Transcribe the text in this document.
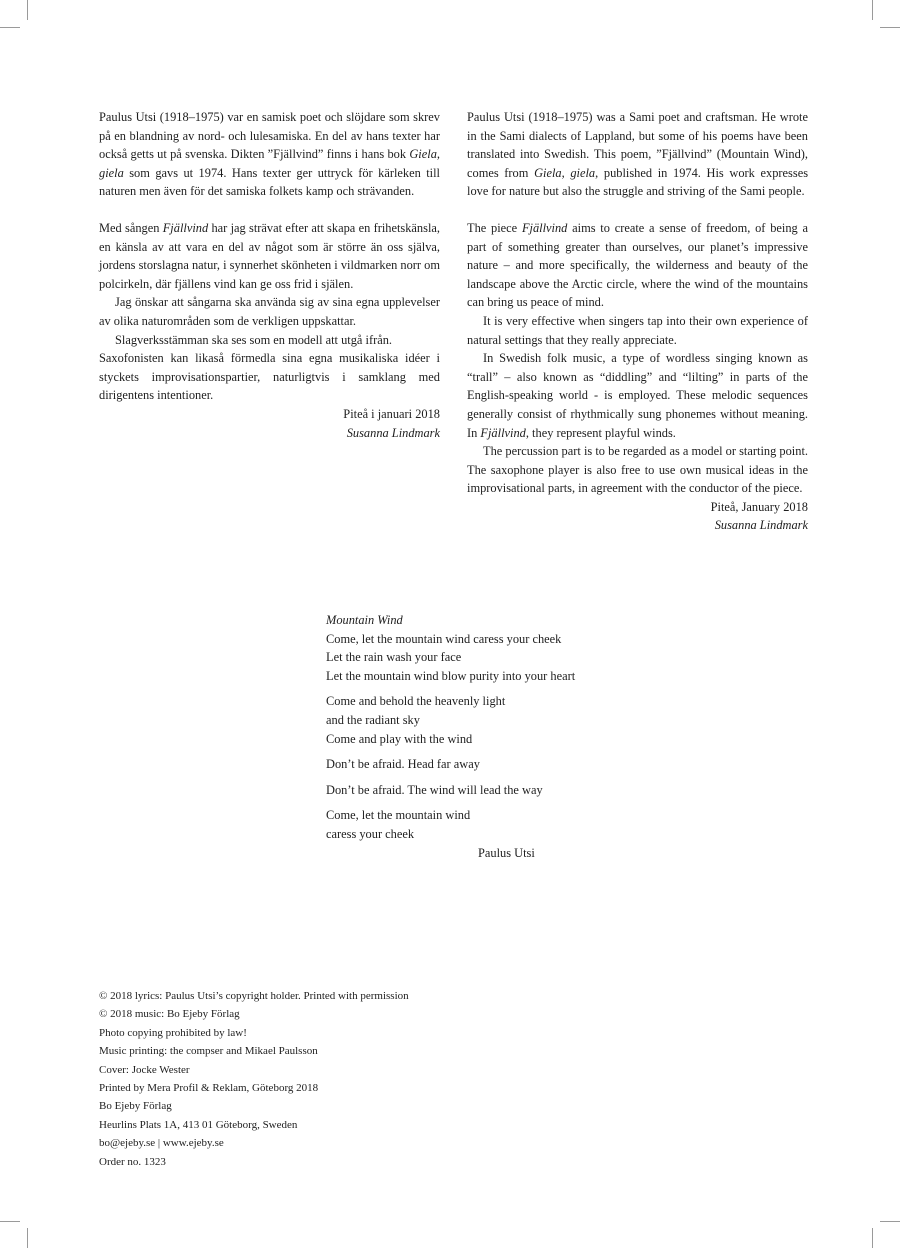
Paulus Utsi (1918–1975) var en samisk poet och slöjdare som skrev på en blandning av nord- och lulesamiska. En del av hans texter har också getts ut på svenska. Dikten ”Fjällvind” finns i hans bok Giela, giela som gavs ut 1974. Hans texter ger uttryck för kärleken till naturen men även för det samiska folkets kamp och strävanden.

Med sången Fjällvind har jag strävat efter att skapa en frihetskänsla, en känsla av att vara en del av något som är större än oss själva, jordens storslagna natur, i synnerhet skönheten i vildmarken norr om polcirkeln, där fjällens vind kan ge oss frid i själen.

Jag önskar att sångarna ska använda sig av sina egna upplevelser av olika naturområden som de verkligen uppskattar.

Slagverksstämman ska ses som en modell att utgå ifrån.

Saxofonisten kan likaså förmedla sina egna musikaliska idéer i styckets improvisationspartier, naturligtvis i samklang med dirigentens intentioner.

Piteå i januari 2018
Susanna Lindmark

Paulus Utsi (1918–1975) was a Sami poet and craftsman. He wrote in the Sami dialects of Lappland, but some of his poems have been translated into Swedish. This poem, ”Fjällvind” (Mountain Wind), comes from Giela, giela, published in 1974. His work expresses love for nature but also the struggle and striving of the Sami people.

The piece Fjällvind aims to create a sense of freedom, of being a part of something greater than ourselves, our planet’s impressive nature – and more specifically, the wilderness and beauty of the landscape above the Arctic circle, where the wind of the mountains can bring us peace of mind.

It is very effective when singers tap into their own experience of natural settings that they really appreciate.

In Swedish folk music, a type of wordless singing known as “trall” – also known as “diddling” and “lilting” in parts of the English-speaking world - is employed. These melodic sequences generally consist of rhythmically sung phonemes without meaning. In Fjällvind, they represent playful winds.

The percussion part is to be regarded as a model or starting point. The saxophone player is also free to use own musical ideas in the improvisational parts, in agreement with the conductor of the piece.

Piteå, January 2018
Susanna Lindmark
Mountain Wind
Come, let the mountain wind caress your cheek
Let the rain wash your face
Let the mountain wind blow purity into your heart
Come and behold the heavenly light
and the radiant sky
Come and play with the wind
Don’t be afraid. Head far away
Don’t be afraid. The wind will lead the way
Come, let the mountain wind
caress your cheek
Paulus Utsi
© 2018 lyrics: Paulus Utsi’s copyright holder. Printed with permission
© 2018 music: Bo Ejeby Förlag
Photo copying prohibited by law!
Music printing: the compser and Mikael Paulsson
Cover: Jocke Wester
Printed by Mera Profil & Reklam, Göteborg 2018
Bo Ejeby Förlag
Heurlins Plats 1A, 413 01 Göteborg, Sweden
bo@ejeby.se | www.ejeby.se
Order no. 1323
